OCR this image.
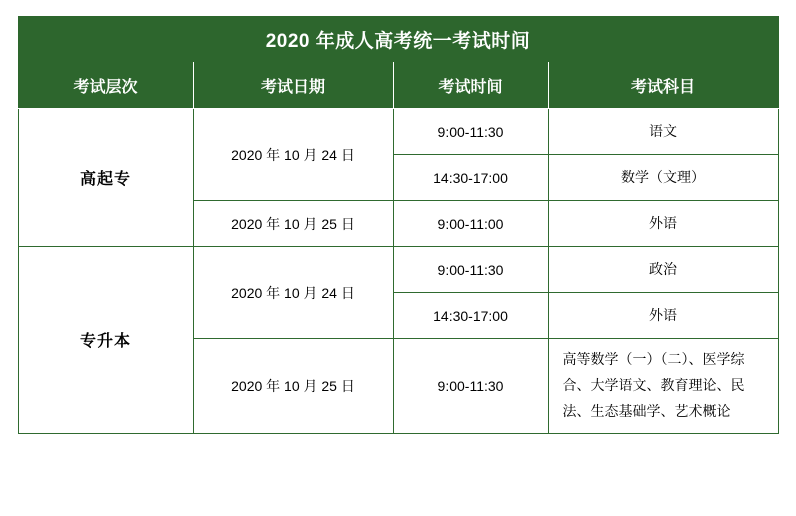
2020 年成人高考统一考试时间			
考试层次	考试日期	考试时间	考试科目
高起专	2020 年 10 月 24 日	9:00-11:30	语文
		14:30-17:00	数学（文理）
	2020 年 10 月 25 日	9:00-11:00	外语
专升本	2020 年 10 月 24 日	9:00-11:30	政治
		14:30-17:00	外语
	2020 年 10 月 25 日	9:00-11:30	高等数学（一）（二）、医学综合、大学语文、教育理论、民法、生态基础学、艺术概论
